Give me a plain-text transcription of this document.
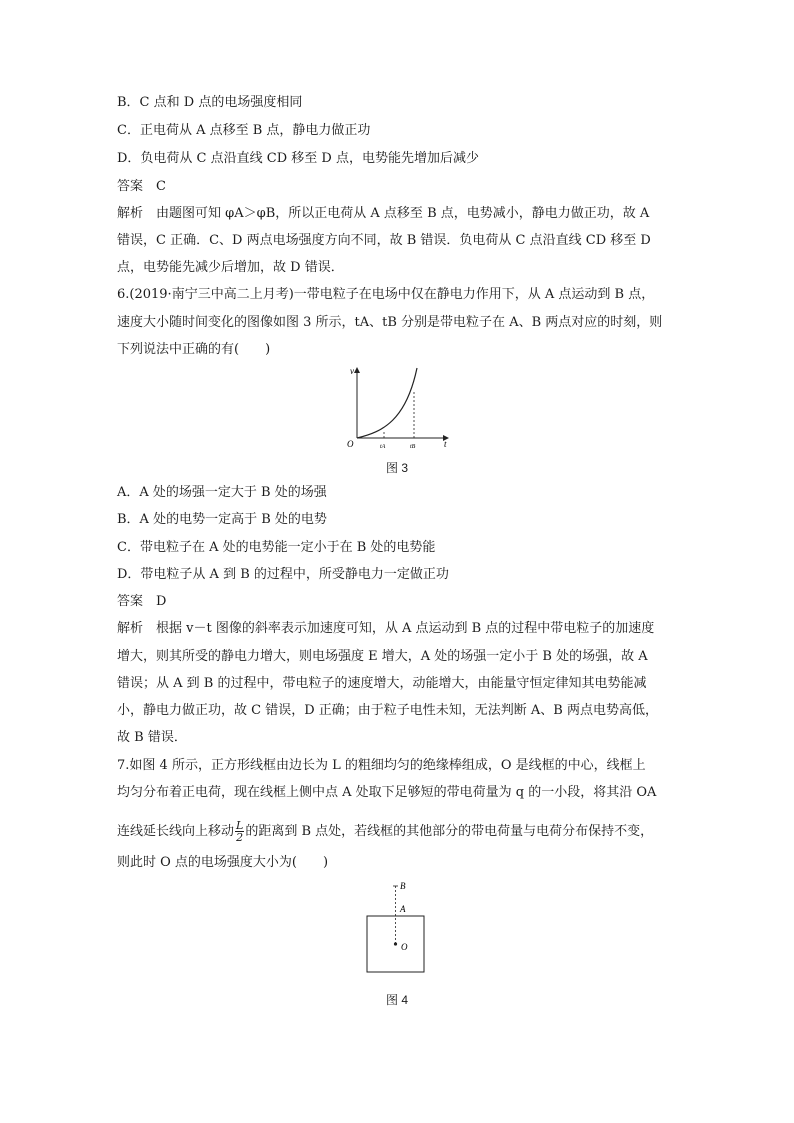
B．C 点和 D 点的电场强度相同
C．正电荷从 A 点移至 B 点，静电力做正功
D．负电荷从 C 点沿直线 CD 移至 D 点，电势能先增加后减少
答案　C
解析　由题图可知 φA＞φB，所以正电荷从 A 点移至 B 点，电势减小，静电力做正功，故 A
错误，C 正确．C、D 两点电场强度方向不同，故 B 错误．负电荷从 C 点沿直线 CD 移至 D
点，电势能先减少后增加，故 D 错误．
6.(2019·南宁三中高二上月考)一带电粒子在电场中仅在静电力作用下，从 A 点运动到 B 点，
速度大小随时间变化的图像如图 3 所示，tA、tB 分别是带电粒子在 A、B 两点对应的时刻，则
下列说法中正确的有(　　)
v
t
O	tA	tB
图 3
A．A 处的场强一定大于 B 处的场强
B．A 处的电势一定高于 B 处的电势
C．带电粒子在 A 处的电势能一定小于在 B 处的电势能
D．带电粒子从 A 到 B 的过程中，所受静电力一定做正功
答案　D
解析　根据 v－t 图像的斜率表示加速度可知，从 A 点运动到 B 点的过程中带电粒子的加速度
增大，则其所受的静电力增大，则电场强度 E 增大，A 处的场强一定小于 B 处的场强，故 A
错误；从 A 到 B 的过程中，带电粒子的速度增大，动能增大，由能量守恒定律知其电势能减
小，静电力做正功，故 C 错误，D 正确；由于粒子电性未知，无法判断 A、B 两点电势高低，
故 B 错误．
7.如图 4 所示，正方形线框由边长为 L 的粗细均匀的绝缘棒组成，O 是线框的中心，线框上
均匀分布着正电荷，现在线框上侧中点 A 处取下足够短的带电荷量为 q 的一小段，将其沿 OA
连线延长线向上移动 $\frac{L}{2}$ 的距离到 B 点处，若线框的其他部分的带电荷量与电荷分布保持不变，
则此时 O 点的电场强度大小为(　　)
B
A
O
图 4
